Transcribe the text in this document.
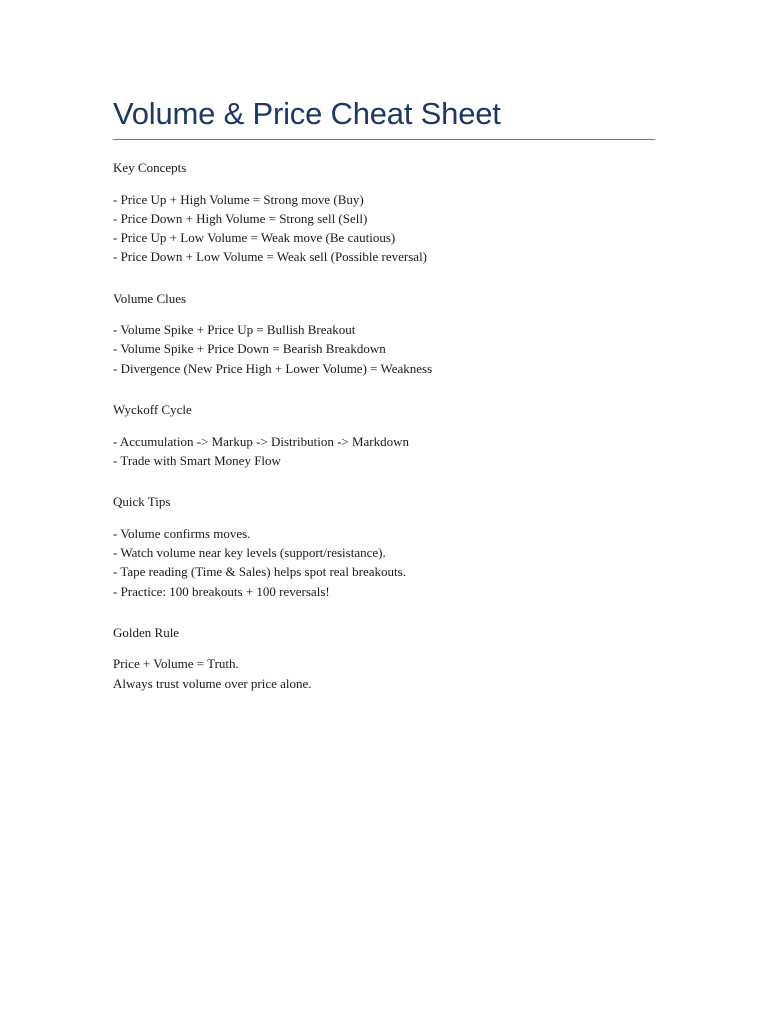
Volume & Price Cheat Sheet

Key Concepts

- Price Up + High Volume = Strong move (Buy)
- Price Down + High Volume = Strong sell (Sell)
- Price Up + Low Volume = Weak move (Be cautious)
- Price Down + Low Volume = Weak sell (Possible reversal)

Volume Clues

- Volume Spike + Price Up = Bullish Breakout
- Volume Spike + Price Down = Bearish Breakdown
- Divergence (New Price High + Lower Volume) = Weakness

Wyckoff Cycle

- Accumulation -> Markup -> Distribution -> Markdown
- Trade with Smart Money Flow

Quick Tips

- Volume confirms moves.
- Watch volume near key levels (support/resistance).
- Tape reading (Time & Sales) helps spot real breakouts.
- Practice: 100 breakouts + 100 reversals!

Golden Rule

Price + Volume = Truth.
Always trust volume over price alone.
